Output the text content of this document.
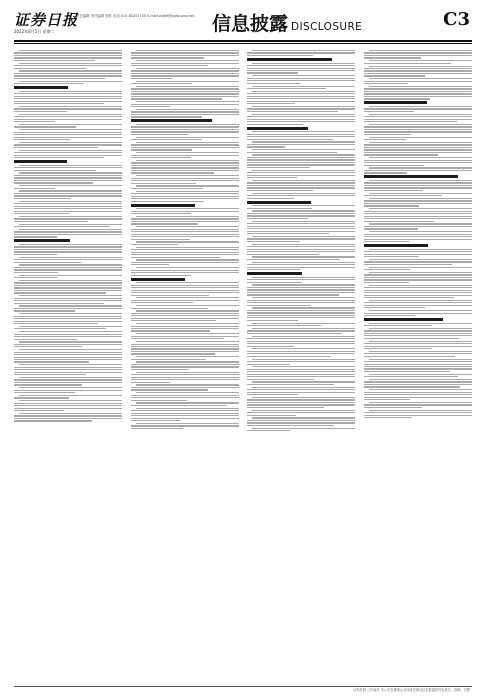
证券日报
2022年8月2日 星期二
责任编辑 责任编辑 制作 电话 010-83251730 E-mail zqrb9@zqrb.sina.net 信息披露 DISCLOSURE	C3
证券代码 公告编号 本公司及董事会全体成员保证信息披露的内容真实、准确、完整
